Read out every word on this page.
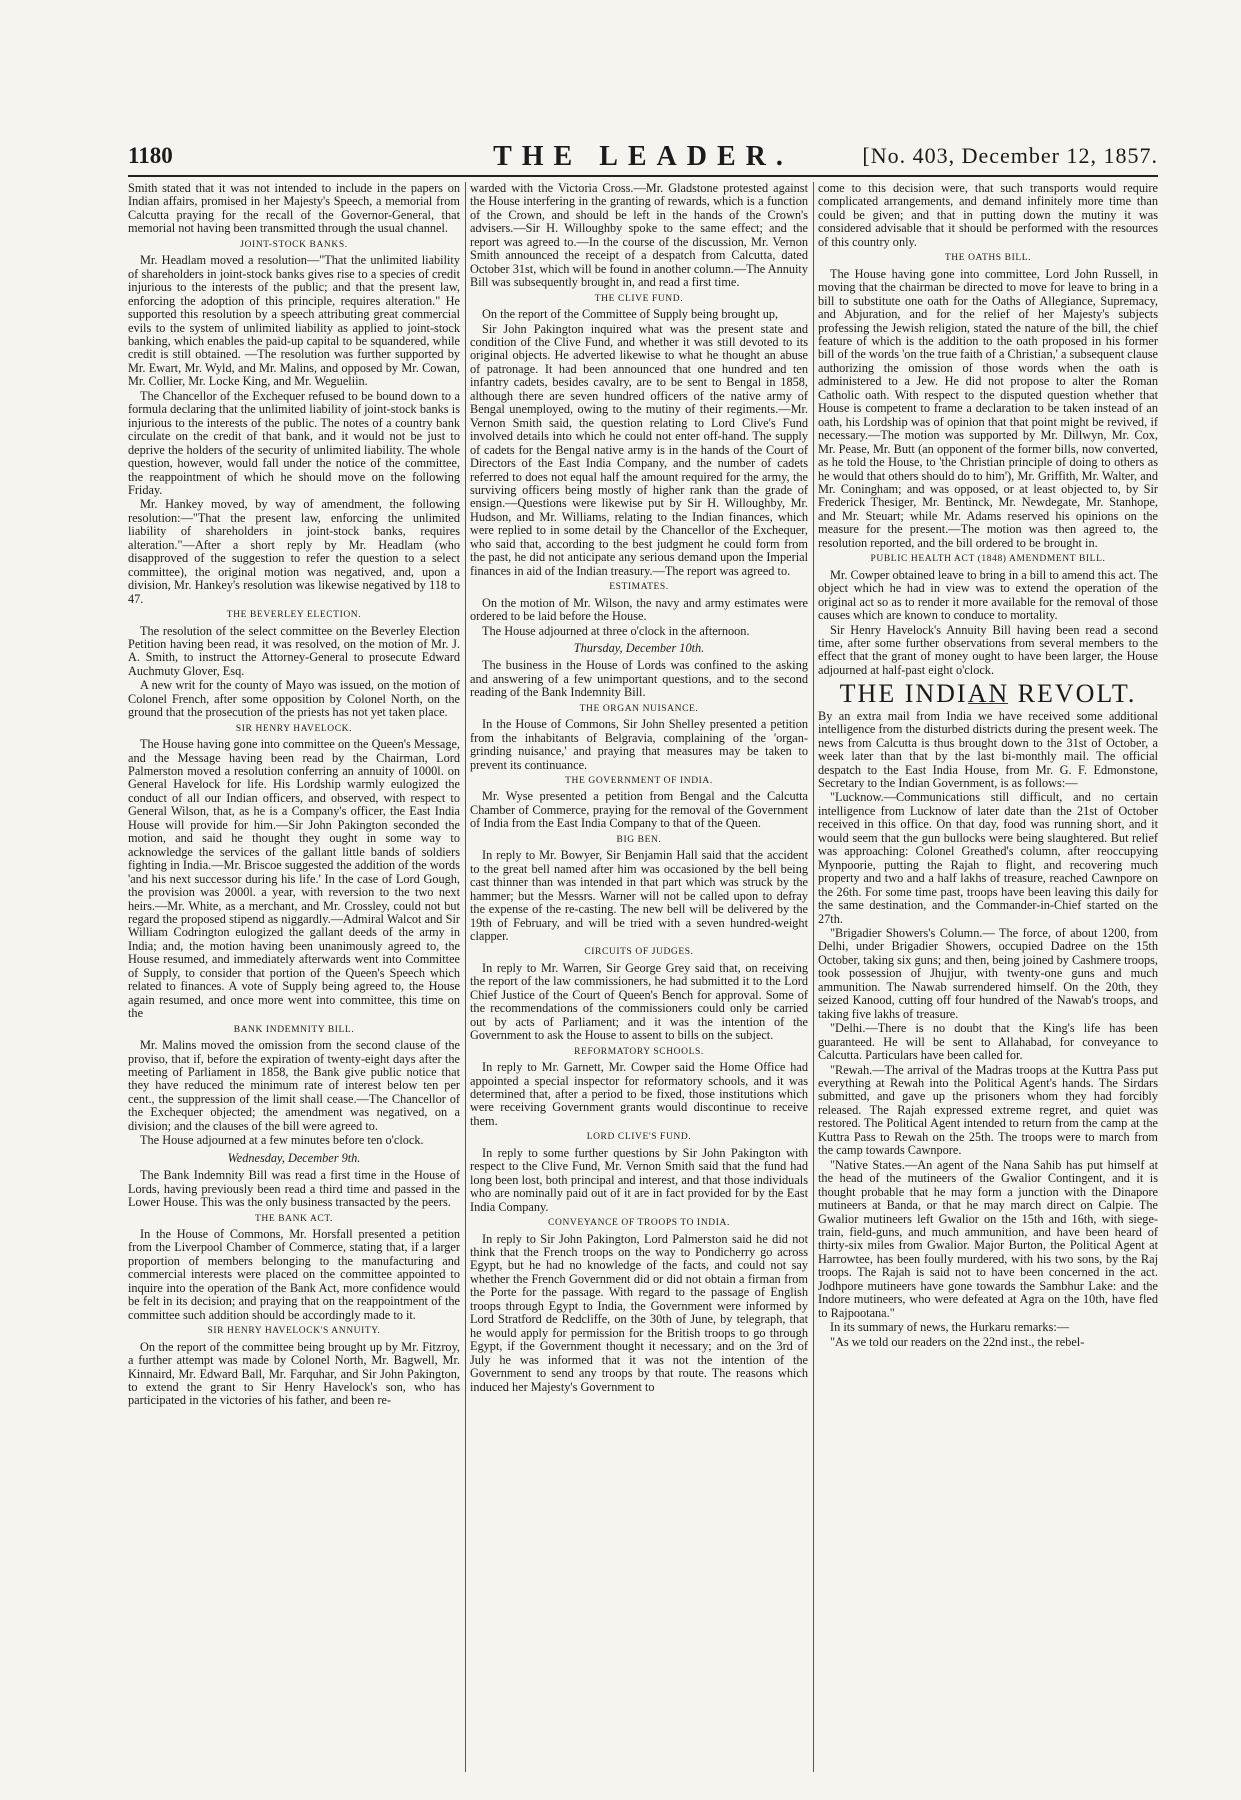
1180	THE LEADER.	[No. 403, December 12, 1857.

Smith stated that it was not intended to include in the papers on Indian affairs, promised in her Majesty's Speech, a memorial from Calcutta praying for the recall of the Governor-General, that memorial not having been transmitted through the usual channel.

JOINT-STOCK BANKS.

Mr. Headlam moved a resolution—"That the unlimited liability of shareholders in joint-stock banks gives rise to a species of credit injurious to the interests of the public; and that the present law, enforcing the adoption of this principle, requires alteration." He supported this resolution by a speech attributing great commercial evils to the system of unlimited liability as applied to joint-stock banking, which enables the paid-up capital to be squandered, while credit is still obtained. —The resolution was further supported by Mr. Ewart, Mr. Wyld, and Mr. Malins, and opposed by Mr. Cowan, Mr. Collier, Mr. Locke King, and Mr. Wegueliin.

The Chancellor of the Exchequer refused to be bound down to a formula declaring that the unlimited liability of joint-stock banks is injurious to the interests of the public. The notes of a country bank circulate on the credit of that bank, and it would not be just to deprive the holders of the security of unlimited liability. The whole question, however, would fall under the notice of the committee, the reappointment of which he should move on the following Friday.

Mr. Hankey moved, by way of amendment, the following resolution:—"That the present law, enforcing the unlimited liability of shareholders in joint-stock banks, requires alteration."—After a short reply by Mr. Headlam (who disapproved of the suggestion to refer the question to a select committee), the original motion was negatived, and, upon a division, Mr. Hankey's resolution was likewise negatived by 118 to 47.

THE BEVERLEY ELECTION.

The resolution of the select committee on the Beverley Election Petition having been read, it was resolved, on the motion of Mr. J. A. Smith, to instruct the Attorney-General to prosecute Edward Auchmuty Glover, Esq.

A new writ for the county of Mayo was issued, on the motion of Colonel French, after some opposition by Colonel North, on the ground that the prosecution of the priests has not yet taken place.

SIR HENRY HAVELOCK.

The House having gone into committee on the Queen's Message, and the Message having been read by the Chairman, Lord Palmerston moved a resolution conferring an annuity of 1000l. on General Havelock for life. His Lordship warmly eulogized the conduct of all our Indian officers, and observed, with respect to General Wilson, that, as he is a Company's officer, the East India House will provide for him.—Sir John Pakington seconded the motion, and said he thought they ought in some way to acknowledge the services of the gallant little bands of soldiers fighting in India.—Mr. Briscoe suggested the addition of the words 'and his next successor during his life.' In the case of Lord Gough, the provision was 2000l. a year, with reversion to the two next heirs.—Mr. White, as a merchant, and Mr. Crossley, could not but regard the proposed stipend as niggardly.—Admiral Walcot and Sir William Codrington eulogized the gallant deeds of the army in India; and, the motion having been unanimously agreed to, the House resumed, and immediately afterwards went into Committee of Supply, to consider that portion of the Queen's Speech which related to finances. A vote of Supply being agreed to, the House again resumed, and once more went into committee, this time on the

BANK INDEMNITY BILL.

Mr. Malins moved the omission from the second clause of the proviso, that if, before the expiration of twenty-eight days after the meeting of Parliament in 1858, the Bank give public notice that they have reduced the minimum rate of interest below ten per cent., the suppression of the limit shall cease.—The Chancellor of the Exchequer objected; the amendment was negatived, on a division; and the clauses of the bill were agreed to.

The House adjourned at a few minutes before ten o'clock.

Wednesday, December 9th.

The Bank Indemnity Bill was read a first time in the House of Lords, having previously been read a third time and passed in the Lower House. This was the only business transacted by the peers.

THE BANK ACT.

In the House of Commons, Mr. Horsfall presented a petition from the Liverpool Chamber of Commerce, stating that, if a larger proportion of members belonging to the manufacturing and commercial interests were placed on the committee appointed to inquire into the operation of the Bank Act, more confidence would be felt in its decision; and praying that on the reappointment of the committee such addition should be accordingly made to it.

SIR HENRY HAVELOCK'S ANNUITY.

On the report of the committee being brought up by Mr. Fitzroy, a further attempt was made by Colonel North, Mr. Bagwell, Mr. Kinnaird, Mr. Edward Ball, Mr. Farquhar, and Sir John Pakington, to extend the grant to Sir Henry Havelock's son, who has participated in the victories of his father, and been re-

warded with the Victoria Cross.—Mr. Gladstone protested against the House interfering in the granting of rewards, which is a function of the Crown, and should be left in the hands of the Crown's advisers.—Sir H. Willoughby spoke to the same effect; and the report was agreed to.—In the course of the discussion, Mr. Vernon Smith announced the receipt of a despatch from Calcutta, dated October 31st, which will be found in another column.—The Annuity Bill was subsequently brought in, and read a first time.

THE CLIVE FUND.

On the report of the Committee of Supply being brought up,

Sir John Pakington inquired what was the present state and condition of the Clive Fund, and whether it was still devoted to its original objects. He adverted likewise to what he thought an abuse of patronage. It had been announced that one hundred and ten infantry cadets, besides cavalry, are to be sent to Bengal in 1858, although there are seven hundred officers of the native army of Bengal unemployed, owing to the mutiny of their regiments.—Mr. Vernon Smith said, the question relating to Lord Clive's Fund involved details into which he could not enter off-hand. The supply of cadets for the Bengal native army is in the hands of the Court of Directors of the East India Company, and the number of cadets referred to does not equal half the amount required for the army, the surviving officers being mostly of higher rank than the grade of ensign.—Questions were likewise put by Sir H. Willoughby, Mr. Hudson, and Mr. Williams, relating to the Indian finances, which were replied to in some detail by the Chancellor of the Exchequer, who said that, according to the best judgment he could form from the past, he did not anticipate any serious demand upon the Imperial finances in aid of the Indian treasury.—The report was agreed to.

ESTIMATES.

On the motion of Mr. Wilson, the navy and army estimates were ordered to be laid before the House.

The House adjourned at three o'clock in the afternoon.

Thursday, December 10th.

The business in the House of Lords was confined to the asking and answering of a few unimportant questions, and to the second reading of the Bank Indemnity Bill.

THE ORGAN NUISANCE.

In the House of Commons, Sir John Shelley presented a petition from the inhabitants of Belgravia, complaining of the 'organ-grinding nuisance,' and praying that measures may be taken to prevent its continuance.

THE GOVERNMENT OF INDIA.

Mr. Wyse presented a petition from Bengal and the Calcutta Chamber of Commerce, praying for the removal of the Government of India from the East India Company to that of the Queen.

BIG BEN.

In reply to Mr. Bowyer, Sir Benjamin Hall said that the accident to the great bell named after him was occasioned by the bell being cast thinner than was intended in that part which was struck by the hammer; but the Messrs. Warner will not be called upon to defray the expense of the re-casting. The new bell will be delivered by the 19th of February, and will be tried with a seven hundred-weight clapper.

CIRCUITS OF JUDGES.

In reply to Mr. Warren, Sir George Grey said that, on receiving the report of the law commissioners, he had submitted it to the Lord Chief Justice of the Court of Queen's Bench for approval. Some of the recommendations of the commissioners could only be carried out by acts of Parliament; and it was the intention of the Government to ask the House to assent to bills on the subject.

REFORMATORY SCHOOLS.

In reply to Mr. Garnett, Mr. Cowper said the Home Office had appointed a special inspector for reformatory schools, and it was determined that, after a period to be fixed, those institutions which were receiving Government grants would discontinue to receive them.

LORD CLIVE'S FUND.

In reply to some further questions by Sir John Pakington with respect to the Clive Fund, Mr. Vernon Smith said that the fund had long been lost, both principal and interest, and that those individuals who are nominally paid out of it are in fact provided for by the East India Company.

CONVEYANCE OF TROOPS TO INDIA.

In reply to Sir John Pakington, Lord Palmerston said he did not think that the French troops on the way to Pondicherry go across Egypt, but he had no knowledge of the facts, and could not say whether the French Government did or did not obtain a firman from the Porte for the passage. With regard to the passage of English troops through Egypt to India, the Government were informed by Lord Stratford de Redcliffe, on the 30th of June, by telegraph, that he would apply for permission for the British troops to go through Egypt, if the Government thought it necessary; and on the 3rd of July he was informed that it was not the intention of the Government to send any troops by that route. The reasons which induced her Majesty's Government to

come to this decision were, that such transports would require complicated arrangements, and demand infinitely more time than could be given; and that in putting down the mutiny it was considered advisable that it should be performed with the resources of this country only.

THE OATHS BILL.

The House having gone into committee, Lord John Russell, in moving that the chairman be directed to move for leave to bring in a bill to substitute one oath for the Oaths of Allegiance, Supremacy, and Abjuration, and for the relief of her Majesty's subjects professing the Jewish religion, stated the nature of the bill, the chief feature of which is the addition to the oath proposed in his former bill of the words 'on the true faith of a Christian,' a subsequent clause authorizing the omission of those words when the oath is administered to a Jew. He did not propose to alter the Roman Catholic oath. With respect to the disputed question whether that House is competent to frame a declaration to be taken instead of an oath, his Lordship was of opinion that that point might be revived, if necessary.—The motion was supported by Mr. Dillwyn, Mr. Cox, Mr. Pease, Mr. Butt (an opponent of the former bills, now converted, as he told the House, to 'the Christian principle of doing to others as he would that others should do to him'), Mr. Griffith, Mr. Walter, and Mr. Coningham; and was opposed, or at least objected to, by Sir Frederick Thesiger, Mr. Bentinck, Mr. Newdegate, Mr. Stanhope, and Mr. Steuart; while Mr. Adams reserved his opinions on the measure for the present.—The motion was then agreed to, the resolution reported, and the bill ordered to be brought in.

PUBLIC HEALTH ACT (1848) AMENDMENT BILL.

Mr. Cowper obtained leave to bring in a bill to amend this act. The object which he had in view was to extend the operation of the original act so as to render it more available for the removal of those causes which are known to conduce to mortality.

Sir Henry Havelock's Annuity Bill having been read a second time, after some further observations from several members to the effect that the grant of money ought to have been larger, the House adjourned at half-past eight o'clock.

THE INDIAN REVOLT.

By an extra mail from India we have received some additional intelligence from the disturbed districts during the present week. The news from Calcutta is thus brought down to the 31st of October, a week later than that by the last bi-monthly mail. The official despatch to the East India House, from Mr. G. F. Edmonstone, Secretary to the Indian Government, is as follows:—

"Lucknow.—Communications still difficult, and no certain intelligence from Lucknow of later date than the 21st of October received in this office. On that day, food was running short, and it would seem that the gun bullocks were being slaughtered. But relief was approaching: Colonel Greathed's column, after reoccupying Mynpoorie, putting the Rajah to flight, and recovering much property and two and a half lakhs of treasure, reached Cawnpore on the 26th. For some time past, troops have been leaving this daily for the same destination, and the Commander-in-Chief started on the 27th.

"Brigadier Showers's Column.— The force, of about 1200, from Delhi, under Brigadier Showers, occupied Dadree on the 15th October, taking six guns; and then, being joined by Cashmere troops, took possession of Jhujjur, with twenty-one guns and much ammunition. The Nawab surrendered himself. On the 20th, they seized Kanood, cutting off four hundred of the Nawab's troops, and taking five lakhs of treasure.

"Delhi.—There is no doubt that the King's life has been guaranteed. He will be sent to Allahabad, for conveyance to Calcutta. Particulars have been called for.

"Rewah.—The arrival of the Madras troops at the Kuttra Pass put everything at Rewah into the Political Agent's hands. The Sirdars submitted, and gave up the prisoners whom they had forcibly released. The Rajah expressed extreme regret, and quiet was restored. The Political Agent intended to return from the camp at the Kuttra Pass to Rewah on the 25th. The troops were to march from the camp towards Cawnpore.

"Native States.—An agent of the Nana Sahib has put himself at the head of the mutineers of the Gwalior Contingent, and it is thought probable that he may form a junction with the Dinapore mutineers at Banda, or that he may march direct on Calpie. The Gwalior mutineers left Gwalior on the 15th and 16th, with siege-train, field-guns, and much ammunition, and have been heard of thirty-six miles from Gwalior. Major Burton, the Political Agent at Harrowtee, has been foully murdered, with his two sons, by the Raj troops. The Rajah is said not to have been concerned in the act. Jodhpore mutineers have gone towards the Sambhur Lake: and the Indore mutineers, who were defeated at Agra on the 10th, have fled to Rajpootana."

In its summary of news, the Hurkaru remarks:—

"As we told our readers on the 22nd inst., the rebel-
